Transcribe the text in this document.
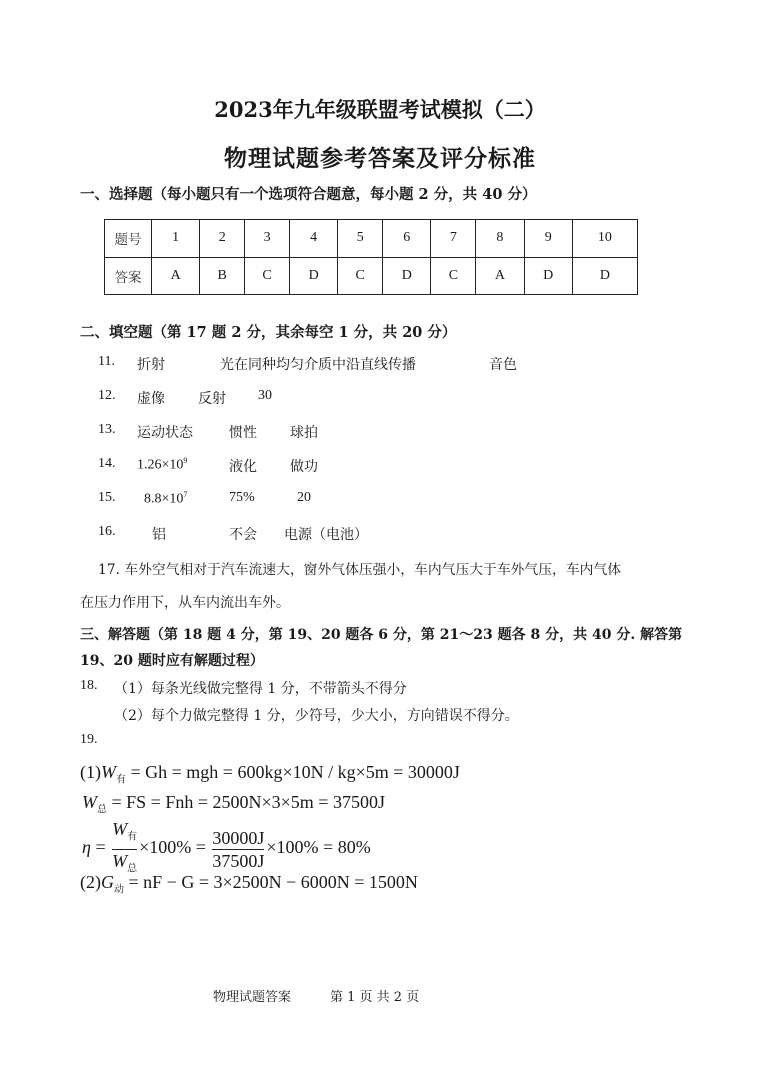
2023年九年级联盟考试模拟（二）
物理试题参考答案及评分标准
一、选择题（每小题只有一个选项符合题意，每小题 2 分，共 40 分）
题号	1	2	3	4	5	6	7	8	9	10
答案	A	B	C	D	C	D	C	A	D	D
二、填空题（第 17 题 2 分，其余每空 1 分，共 20 分）
11. 折射	光在同种均匀介质中沿直线传播	音色
12. 虚像 反射 30
13. 运动状态	惯性 球拍
14. $1.26\times 10^9$	液化 做功
15. $8.8\times 10^7$	75%	20
16.	铝	不会 电源（电池）
17. 车外空气相对于汽车流速大，窗外气体压强小，车内气压大于车外气压，车内气体
在压力作用下，从车内流出车外。
三、解答题（第 18 题 4 分，第 19、20 题各 6 分，第 21～23 题各 8 分，共 40 分. 解答第
19、20 题时应有解题过程）
18. （1）每条光线做完整得 1 分，不带箭头不得分
（2）每个力做完整得 1 分，少符号，少大小，方向错误不得分。
19.
$(1)W_有 = Gh$ = mgh = 600kg×10N / kg×5m = 30000J
$W_总$ = FS = Fnh = 2500N×3×5m = 37500J
$\eta = \frac{W_有}{W_总} \times 100\% = \frac{30000J}{37500J} \times 100\% = 80\%$
$(2)G_动$ = nF − G = 3×2500N − 6000N = 1500N
物理试题答案	第 1 页 共 2 页
